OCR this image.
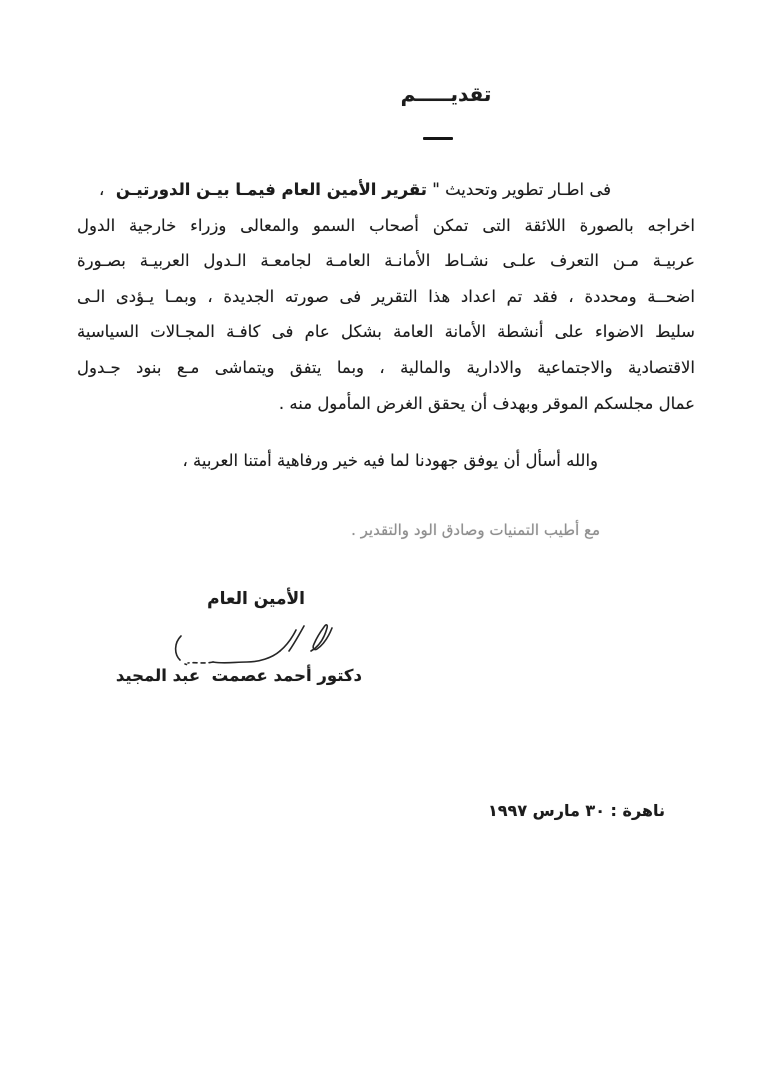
تقديـــــم
فى اطـار تطوير وتحديث " تقرير الأمين العام فيمـا بيـن الدورتيـن
،
اخراجه بالصورة اللائقة التى تمكن أصحاب السمو والمعالى وزراء خارجية الدول
عربيـة مـن التعرف علـى نشـاط الأمانـة العامـة لجامعـة الـدول العربيـة بصـورة
اضحــة ومحددة ، فقد تم اعداد هذا التقرير فى صورته الجديدة ، وبمـا يـؤدى الـى
سليط الاضواء على أنشطة الأمانة العامة بشكل عام فى كافـة المجـالات السياسية
الاقتصادية والاجتماعية والادارية والمالية ، وبما يتفق ويتماشى مـع بنود جـدول
عمال مجلسكم الموقر وبهدف أن يحقق الغرض المأمول منه .
والله أسأل أن يوفق جهودنا لما فيه خير ورفاهية أمتنا العربية ،
مع أطيب التمنيات وصادق الود والتقدير .
الأمين العام
دكتور أحمد عصمت  عبد المجيد
ناهرة : ٣٠ مارس ١٩٩٧
